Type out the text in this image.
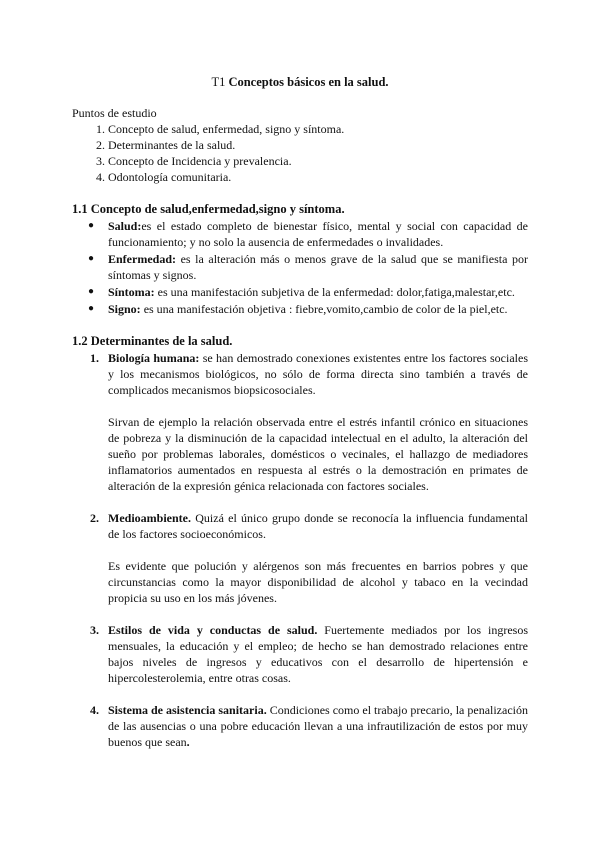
T1 Conceptos básicos en la salud.
Puntos de estudio
1. Concepto de salud, enfermedad, signo y síntoma.
2. Determinantes de la salud.
3. Concepto de Incidencia y prevalencia.
4. Odontología comunitaria.
1.1 Concepto de salud,enfermedad,signo y síntoma.
● Salud:es el estado completo de bienestar físico, mental y social con capacidad de funcionamiento; y no solo la ausencia de enfermedades o invalidades.
● Enfermedad: es la alteración más o menos grave de la salud que se manifiesta por síntomas y signos.
● Síntoma: es una manifestación subjetiva de la enfermedad: dolor,fatiga,malestar,etc.
● Signo: es una manifestación objetiva : fiebre,vomito,cambio de color de la piel,etc.
1.2 Determinantes de la salud.
1. Biología humana: se han demostrado conexiones existentes entre los factores sociales y los mecanismos biológicos, no sólo de forma directa sino también a través de complicados mecanismos biopsicosociales.

Sirvan de ejemplo la relación observada entre el estrés infantil crónico en situaciones de pobreza y la disminución de la capacidad intelectual en el adulto, la alteración del sueño por problemas laborales, domésticos o vecinales, el hallazgo de mediadores inflamatorios aumentados en respuesta al estrés o la demostración en primates de alteración de la expresión génica relacionada con factores sociales.

2. Medioambiente. Quizá el único grupo donde se reconocía la influencia fundamental de los factores socioeconómicos.

Es evidente que polución y alérgenos son más frecuentes en barrios pobres y que circunstancias como la mayor disponibilidad de alcohol y tabaco en la vecindad propicia su uso en los más jóvenes.

3. Estilos de vida y conductas de salud. Fuertemente mediados por los ingresos mensuales, la educación y el empleo; de hecho se han demostrado relaciones entre bajos niveles de ingresos y educativos con el desarrollo de hipertensión e hipercolesterolemia, entre otras cosas.

4. Sistema de asistencia sanitaria. Condiciones como el trabajo precario, la penalización de las ausencias o una pobre educación llevan a una infrautilización de estos por muy buenos que sean.
